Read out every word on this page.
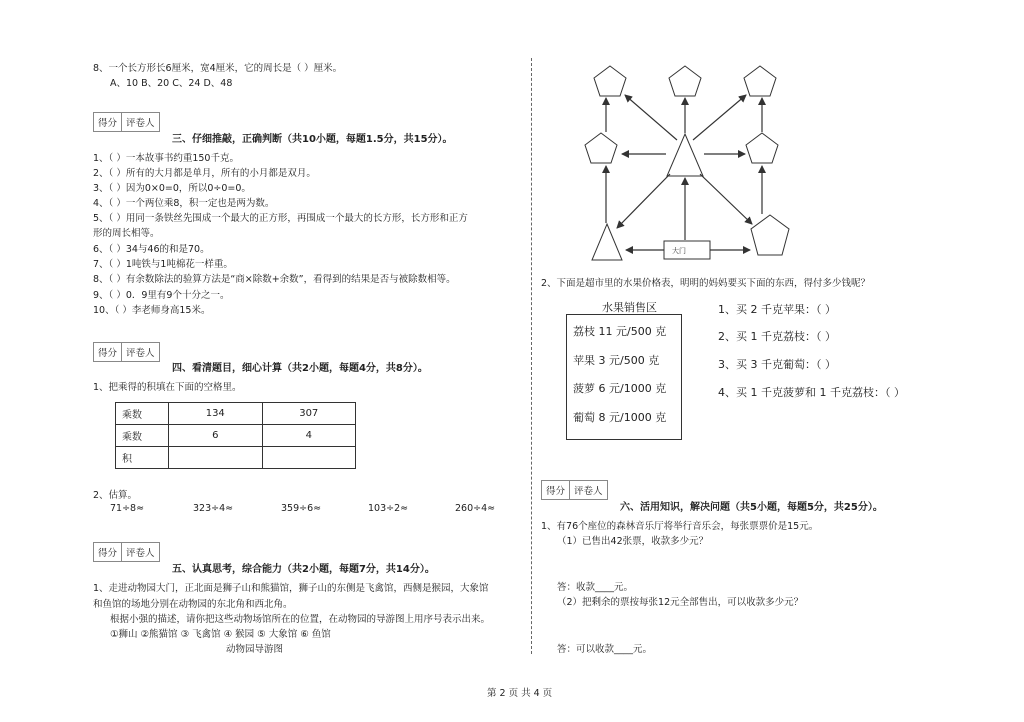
8、一个长方形长6厘米，宽4厘米，它的周长是（ ）厘米。
A、10 B、20 C、24 D、48
得分 评卷人
三、仔细推敲，正确判断（共10小题，每题1.5分，共15分）。
1、（ ）一本故事书约重150千克。
2、（ ）所有的大月都是单月，所有的小月都是双月。
3、（ ）因为0×0=0，所以0÷0=0。
4、（ ）一个两位乘8，积一定也是两为数。
5、（ ）用同一条铁丝先围成一个最大的正方形，再围成一个最大的长方形，长方形和正方
形的周长相等。
6、（ ）34与46的和是70。
7、（ ）1吨铁与1吨棉花一样重。
8、（ ）有余数除法的验算方法是“商×除数+余数”，看得到的结果是否与被除数相等。
9、（ ）0．9里有9个十分之一。
10、（ ）李老师身高15米。
得分 评卷人
四、看清题目，细心计算（共2小题，每题4分，共8分）。
1、把乘得的积填在下面的空格里。
乘数	134	307
乘数	6	4
积		
2、估算。
71÷8≈	323÷4≈	359÷6≈	103÷2≈	260÷4≈
得分 评卷人
五、认真思考，综合能力（共2小题，每题7分，共14分）。
1、走进动物园大门，正北面是狮子山和熊猫馆，狮子山的东侧是飞禽馆，西侧是猴园，大象馆
和鱼馆的场地分别在动物园的东北角和西北角。
根据小强的描述，请你把这些动物场馆所在的位置，在动物园的导游图上用序号表示出来。
①狮山 ②熊猫馆 ③ 飞禽馆 ④ 猴园 ⑤ 大象馆 ⑥ 鱼馆
动物园导游图
大门
2、下面是超市里的水果价格表，明明的妈妈要买下面的东西，得付多少钱呢？
水果销售区
荔枝 11 元/500 克
苹果 3 元/500 克
菠萝 6 元/1000 克
葡萄 8 元/1000 克
1、买 2 千克苹果：（ ）
2、买 1 千克荔枝：（ ）
3、买 3 千克葡萄：（ ）
4、买 1 千克菠萝和 1 千克荔枝：（ ）
得分 评卷人
六、活用知识，解决问题（共5小题，每题5分，共25分）。
1、有76个座位的森林音乐厅将举行音乐会，每张票票价是15元。
（1）已售出42张票，收款多少元？
答：收款____元。
（2）把剩余的票按每张12元全部售出，可以收款多少元？
答：可以收款____元。
第 2 页 共 4 页
